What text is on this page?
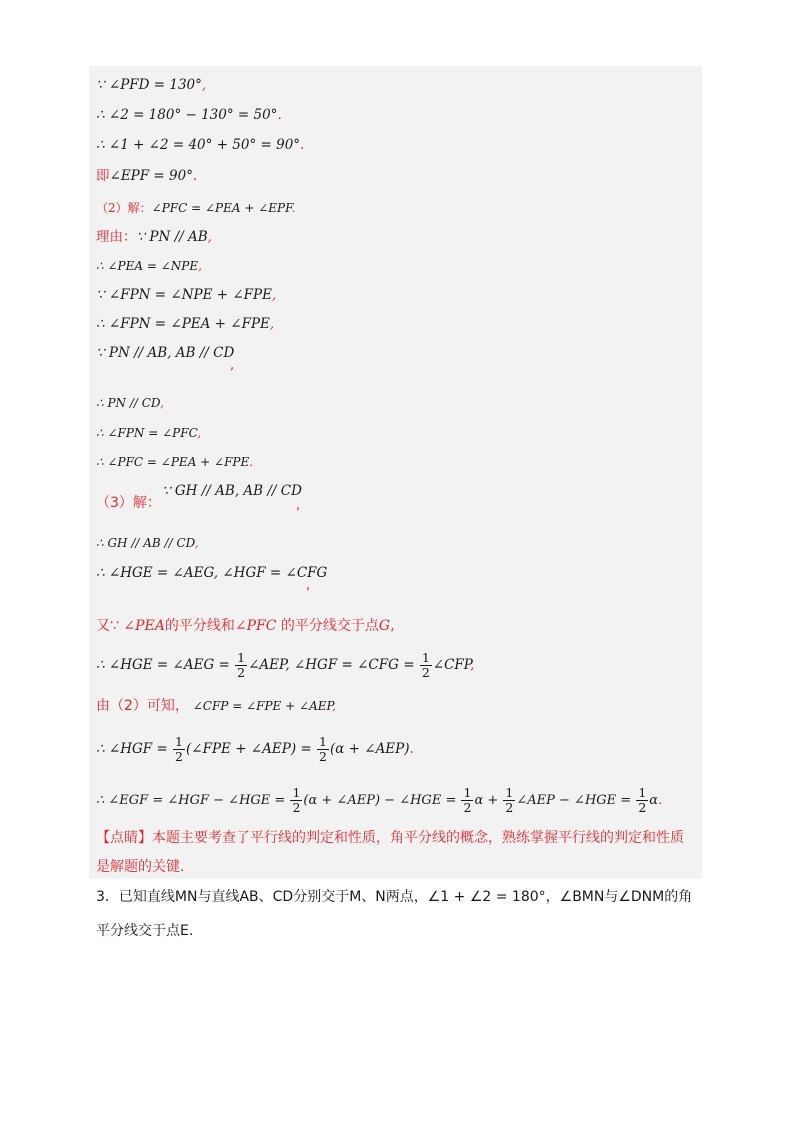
∵ ∠PFD = 130°,
∴ ∠2 = 180° − 130° = 50°.
∴ ∠1 + ∠2 = 40° + 50° = 90°.
即∠EPF = 90°.
（2）解：∠PFC = ∠PEA + ∠EPF.
理由：∵ PN // AB,
∴ ∠PEA = ∠NPE,
∵ ∠FPN = ∠NPE + ∠FPE,
∴ ∠FPN = ∠PEA + ∠FPE,
∵ PN // AB, AB // CD
,
∴ PN // CD,
∴ ∠FPN = ∠PFC,
∴ ∠PFC = ∠PEA + ∠FPE.
（3）解：
∵ GH // AB, AB // CD
,
∴ GH // AB // CD,
∴ ∠HGE = ∠AEG, ∠HGF = ∠CFG
,
又∵ ∠PEA的平分线和∠PFC 的平分线交于点G,
∴ ∠HGE = ∠AEG = $\frac{1}{2}$ ∠AEP, ∠HGF = ∠CFG = $\frac{1}{2}$ ∠CFP,
由（2）可知， ∠CFP = ∠FPE + ∠AEP,
∴ ∠HGF = $\frac{1}{2}$ (∠FPE + ∠AEP) = $\frac{1}{2} (\alpha$ + ∠AEP).
∴ ∠EGF = ∠HGF − ∠HGE = $\frac{1}{2} (\alpha$ + ∠AEP) − ∠HGE = $\frac{1}{2}$ $\alpha + \frac{1}{2}$ ∠AEP − ∠HGE = $\frac{1}{2} \alpha$.
【点睛】本题主要考查了平行线的判定和性质，角平分线的概念，熟练掌握平行线的判定和性质
是解题的关键.
3．已知直线MN与直线AB、CD分别交于M、N两点，∠1 + ∠2 = 180°，∠BMN与∠DNM的角
平分线交于点E.
